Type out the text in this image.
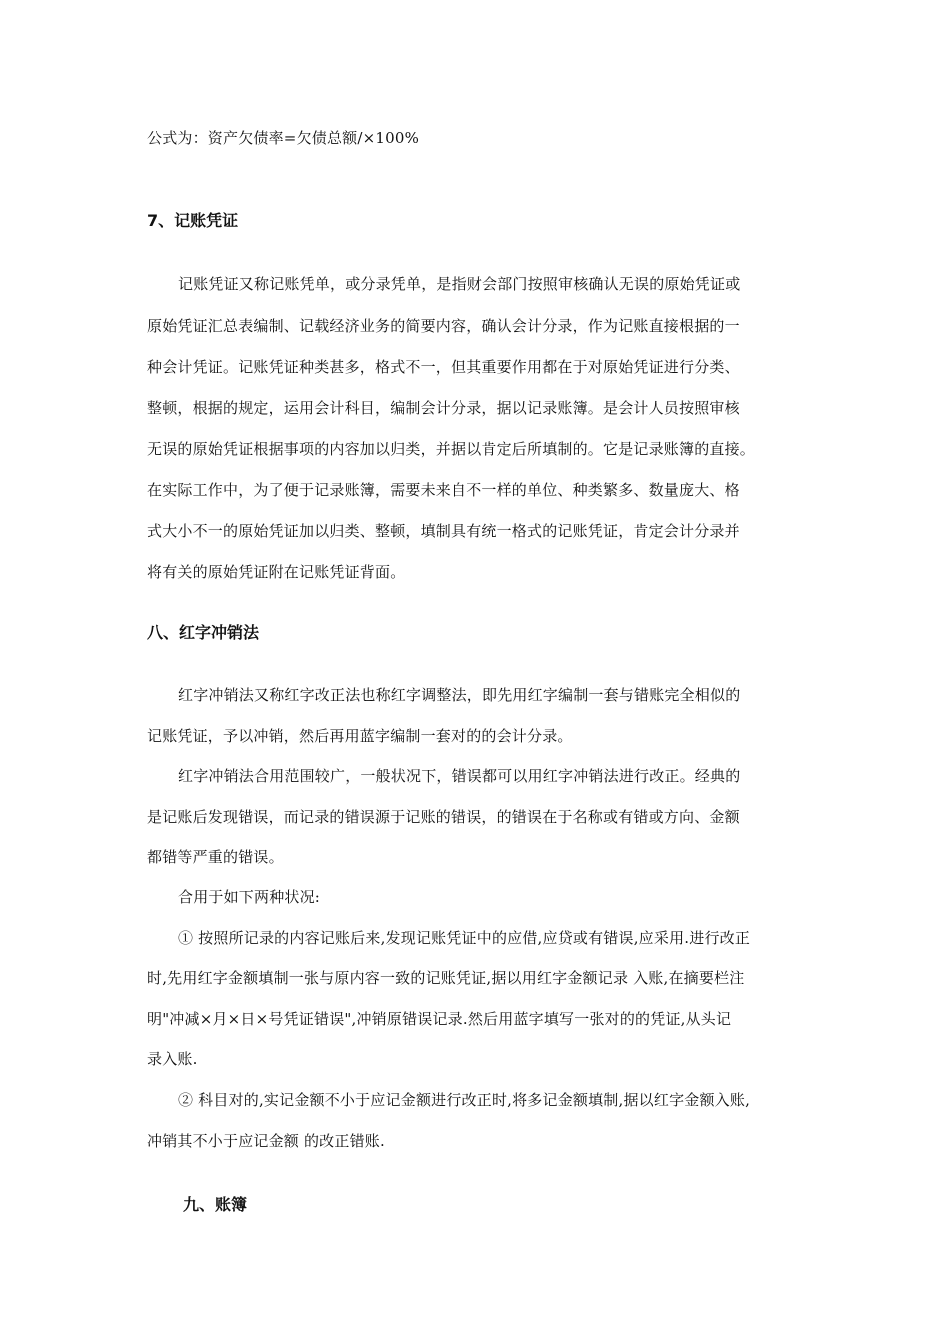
公式为：资产欠债率=欠债总额/×100%
7、记账凭证
记账凭证又称记账凭单，或分录凭单，是指财会部门按照审核确认无误的原始凭证或
原始凭证汇总表编制、记载经济业务的简要内容，确认会计分录，作为记账直接根据的一
种会计凭证。记账凭证种类甚多，格式不一，但其重要作用都在于对原始凭证进行分类、
整顿，根据的规定，运用会计科目，编制会计分录，据以记录账簿。是会计人员按照审核
无误的原始凭证根据事项的内容加以归类，并据以肯定后所填制的。它是记录账簿的直接。
在实际工作中，为了便于记录账簿，需要未来自不一样的单位、种类繁多、数量庞大、格
式大小不一的原始凭证加以归类、整顿，填制具有统一格式的记账凭证，肯定会计分录并
将有关的原始凭证附在记账凭证背面。
八、红字冲销法
红字冲销法又称红字改正法也称红字调整法，即先用红字编制一套与错账完全相似的
记账凭证，予以冲销，然后再用蓝字编制一套对的的会计分录。
红字冲销法合用范围较广，一般状况下，错误都可以用红字冲销法进行改正。经典的
是记账后发现错误，而记录的错误源于记账的错误，的错误在于名称或有错或方向、金额
都错等严重的错误。
合用于如下两种状况:
① 按照所记录的内容记账后来,发现记账凭证中的应借,应贷或有错误,应采用.进行改正
时,先用红字金额填制一张与原内容一致的记账凭证,据以用红字金额记录 入账,在摘要栏注
明"冲减×月×日×号凭证错误",冲销原错误记录.然后用蓝字填写一张对的的凭证,从头记
录入账.
② 科目对的,实记金额不小于应记金额进行改正时,将多记金额填制,据以红字金额入账,
冲销其不小于应记金额 的改正错账.
九、账簿
